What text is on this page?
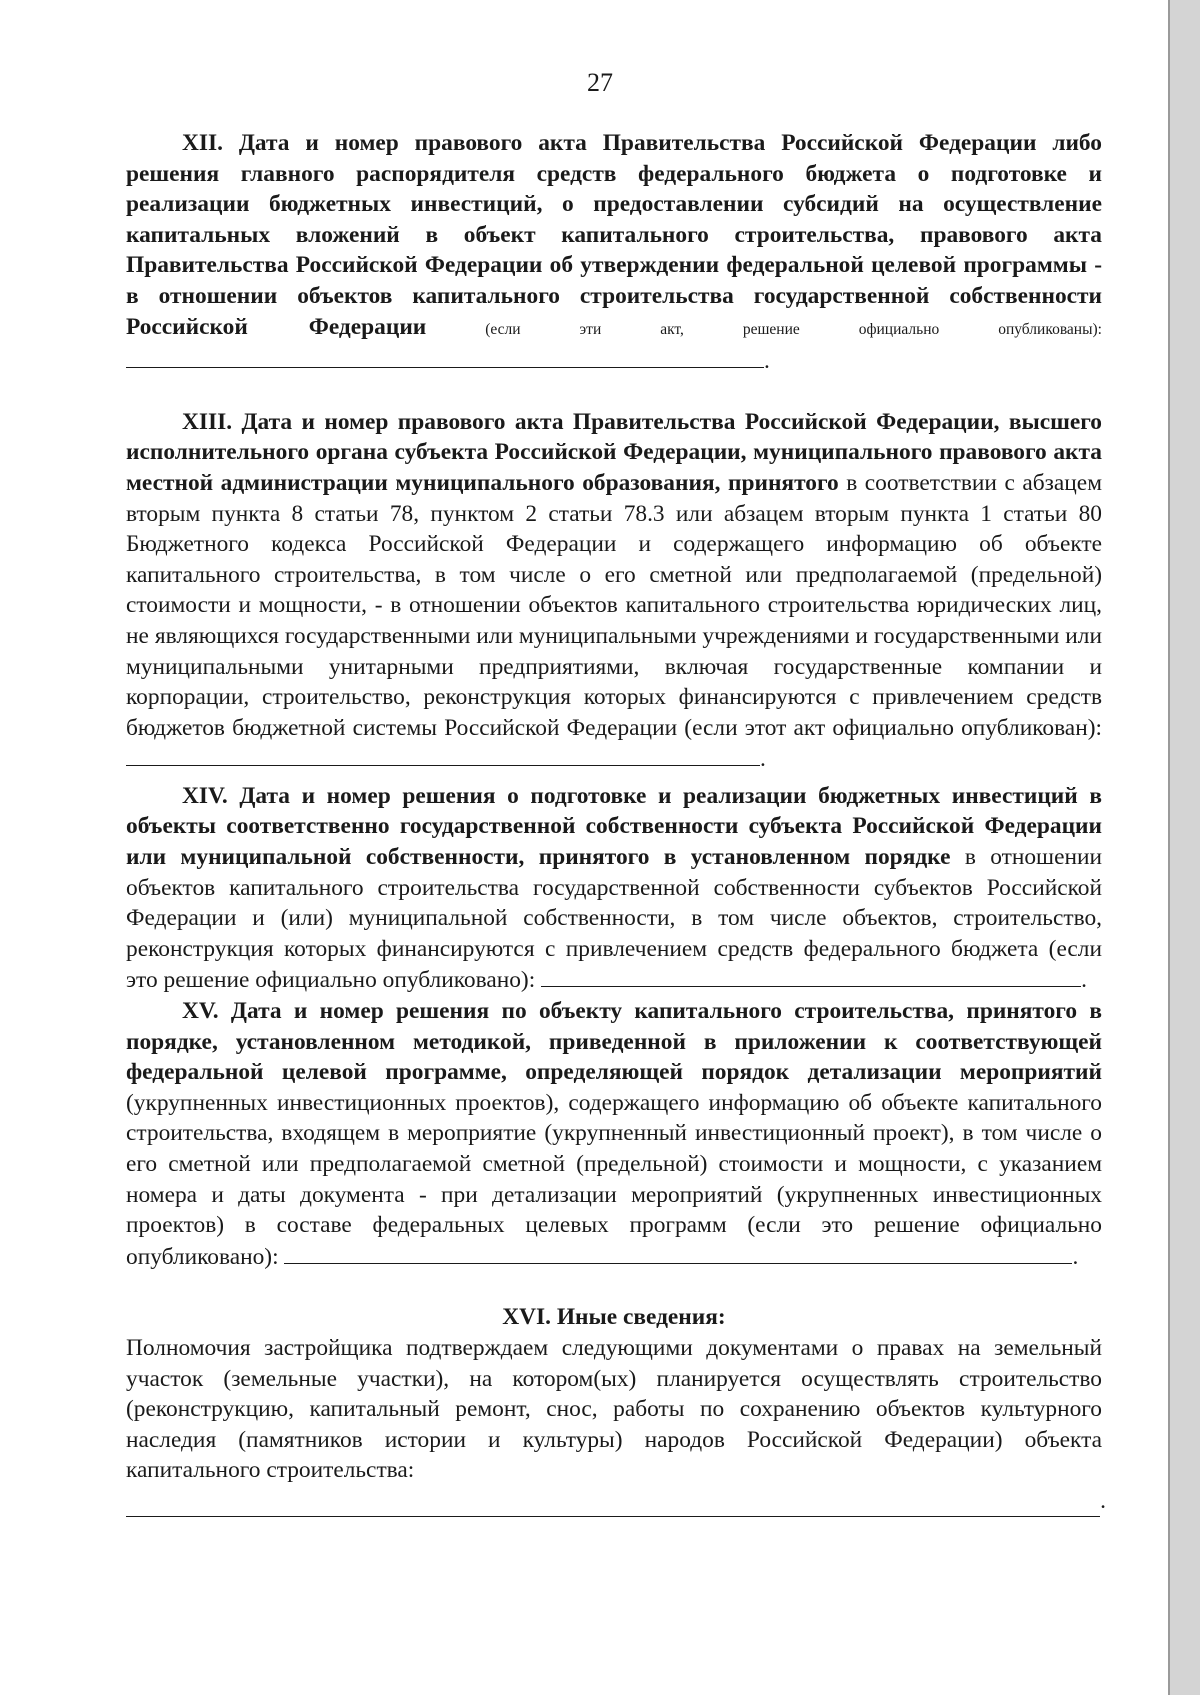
27

XII. Дата и номер правового акта Правительства Российской Федерации либо решения главного распорядителя средств федерального бюджета о подготовке и реализации бюджетных инвестиций, о предоставлении субсидий на осуществление капитальных вложений в объект капитального строительства, правового акта Правительства Российской Федерации об утверждении федеральной целевой программы - в отношении объектов капитального строительства государственной собственности Российской Федерации (если эти акт, решение официально опубликованы): .

XIII. Дата и номер правового акта Правительства Российской Федерации, высшего исполнительного органа субъекта Российской Федерации, муниципального правового акта местной администрации муниципального образования, принятого в соответствии с абзацем вторым пункта 8 статьи 78, пунктом 2 статьи 78.3 или абзацем вторым пункта 1 статьи 80 Бюджетного кодекса Российской Федерации и содержащего информацию об объекте капитального строительства, в том числе о его сметной или предполагаемой (предельной) стоимости и мощности, - в отношении объектов капитального строительства юридических лиц, не являющихся государственными или муниципальными учреждениями и государственными или муниципальными унитарными предприятиями, включая государственные компании и корпорации, строительство, реконструкция которых финансируются с привлечением средств бюджетов бюджетной системы Российской Федерации (если этот акт официально опубликован): .

XIV. Дата и номер решения о подготовке и реализации бюджетных инвестиций в объекты соответственно государственной собственности субъекта Российской Федерации или муниципальной собственности, принятого в установленном порядке в отношении объектов капитального строительства государственной собственности субъектов Российской Федерации и (или) муниципальной собственности, в том числе объектов, строительство, реконструкция которых финансируются с привлечением средств федерального бюджета (если это решение официально опубликовано):	.

XV. Дата и номер решения по объекту капитального строительства, принятого в порядке, установленном методикой, приведенной в приложении к соответствующей федеральной целевой программе, определяющей порядок детализации мероприятий (укрупненных инвестиционных проектов), содержащего информацию об объекте капитального строительства, входящем в мероприятие (укрупненный инвестиционный проект), в том числе о его сметной или предполагаемой сметной (предельной) стоимости и мощности, с указанием номера и даты документа - при детализации мероприятий (укрупненных инвестиционных проектов) в составе федеральных целевых программ (если это решение официально опубликовано):	.

XVI. Иные сведения:

Полномочия застройщика подтверждаем следующими документами о правах на земельный участок (земельные участки), на котором(ых) планируется осуществлять строительство (реконструкцию, капитальный ремонт, снос, работы по сохранению объектов культурного наследия (памятников истории и культуры) народов Российской Федерации) объекта капитального строительства:

.
